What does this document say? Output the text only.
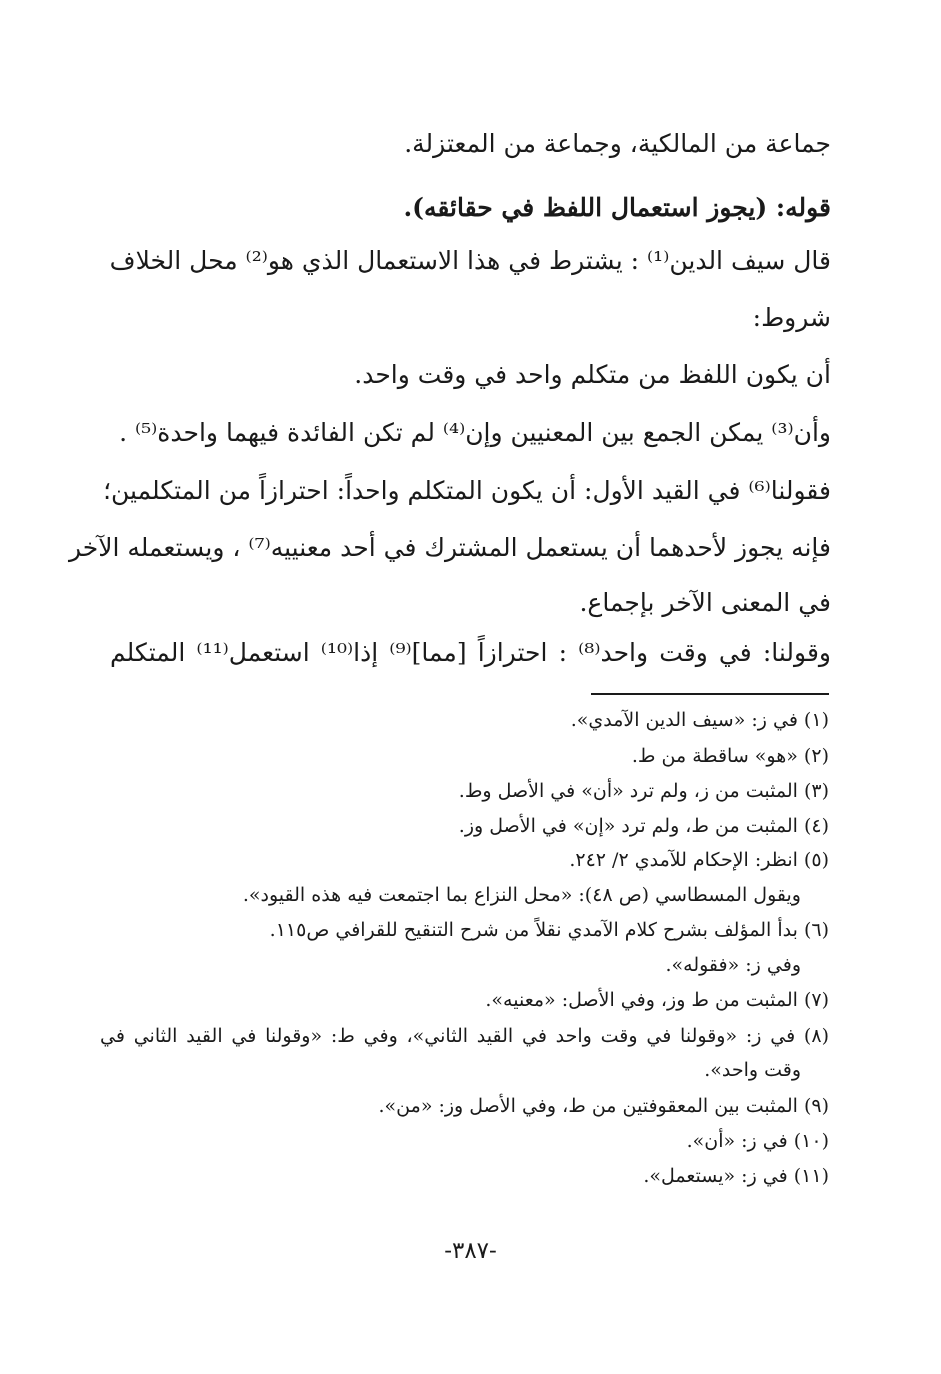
جماعة من المالكية، وجماعة من المعتزلة.
قوله: (يجوز استعمال اللفظ في حقائقه).
قال سيف الدين⁽¹⁾ : يشترط في هذا الاستعمال الذي هو⁽²⁾ محل الخلاف
شروط:
أن يكون اللفظ من متكلم واحد في وقت واحد.
وأن⁽³⁾ يمكن الجمع بين المعنيين وإن⁽⁴⁾ لم تكن الفائدة فيهما واحدة⁽⁵⁾ .
فقولنا⁽⁶⁾ في القيد الأول: أن يكون المتكلم واحداً: احترازاً من المتكلمين؛
فإنه يجوز لأحدهما أن يستعمل المشترك في أحد معنييه⁽⁷⁾ ، ويستعمله الآخر
في المعنى الآخر بإجماع.
وقولنا: في وقت واحد⁽⁸⁾ : احترازاً [مما]⁽⁹⁾ إذا⁽¹⁰⁾ استعمل⁽¹¹⁾ المتكلم
(١) في ز: «سيف الدين الآمدي».
(٢) «هو» ساقطة من ط.
(٣) المثبت من ز، ولم ترد «أن» في الأصل وط.
(٤) المثبت من ط، ولم ترد «إن» في الأصل وز.
(٥) انظر: الإحكام للآمدي ٢/ ٢٤٢.
ويقول المسطاسي (ص ٤٨): «محل النزاع بما اجتمعت فيه هذه القيود».
(٦) بدأ المؤلف بشرح كلام الآمدي نقلاً من شرح التنقيح للقرافي ص١١٥.
وفي ز: «فقوله».
(٧) المثبت من ط وز، وفي الأصل: «معنيه».
(٨) في ز: «وقولنا في وقت واحد في القيد الثاني»، وفي ط: «وقولنا في القيد الثاني في
وقت واحد».
(٩) المثبت بين المعقوفتين من ط، وفي الأصل وز: «من».
(١٠) في ز: «أن».
(١١) في ز: «يستعمل».
-٣٨٧-
